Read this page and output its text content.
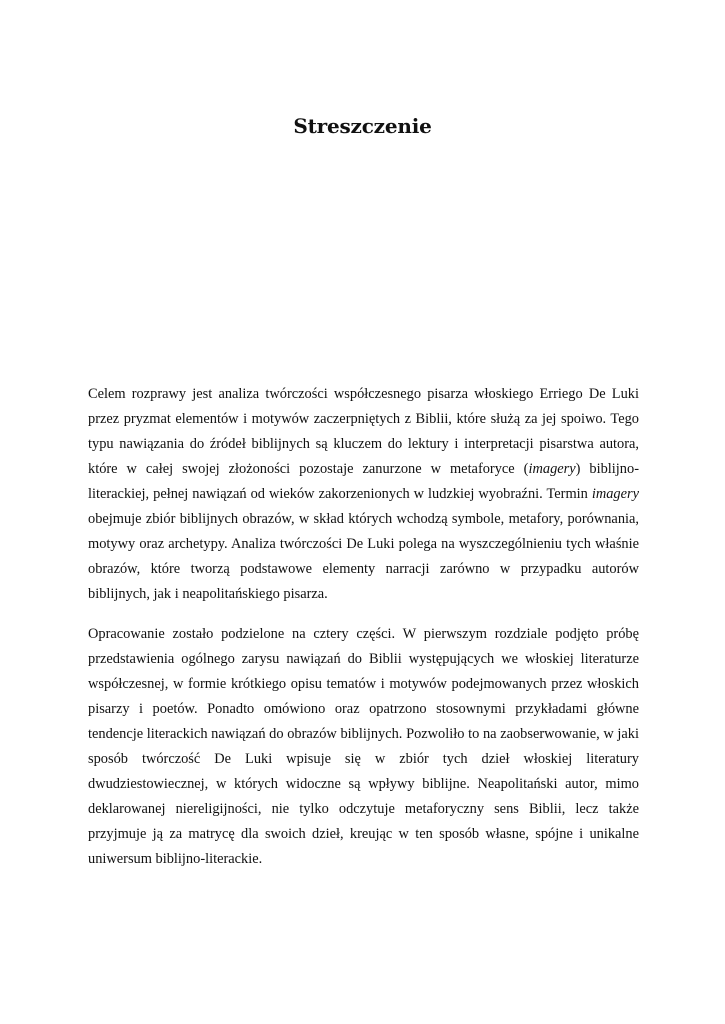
Streszczenie

Celem rozprawy jest analiza twórczości współczesnego pisarza włoskiego Erriego De Luki przez pryzmat elementów i motywów zaczerpniętych z Biblii, które służą za jej spoiwo. Tego typu nawiązania do źródeł biblijnych są kluczem do lektury i interpretacji pisarstwa autora, które w całej swojej złożoności pozostaje zanurzone w metaforyce (imagery) biblijno-literackiej, pełnej nawiązań od wieków zakorzenionych w ludzkiej wyobraźni. Termin imagery obejmuje zbiór biblijnych obrazów, w skład których wchodzą symbole, metafory, porównania, motywy oraz archetypy. Analiza twórczości De Luki polega na wyszczególnieniu tych właśnie obrazów, które tworzą podstawowe elementy narracji zarówno w przypadku autorów biblijnych, jak i neapolitańskiego pisarza.

Opracowanie zostało podzielone na cztery części. W pierwszym rozdziale podjęto próbę przedstawienia ogólnego zarysu nawiązań do Biblii występujących we włoskiej literaturze współczesnej, w formie krótkiego opisu tematów i motywów podejmowanych przez włoskich pisarzy i poetów. Ponadto omówiono oraz opatrzono stosownymi przykładami główne tendencje literackich nawiązań do obrazów biblijnych. Pozwoliło to na zaobserwowanie, w jaki sposób twórczość De Luki wpisuje się w zbiór tych dzieł włoskiej literatury dwudziestowiecznej, w których widoczne są wpływy biblijne. Neapolitański autor, mimo deklarowanej niereligijności, nie tylko odczytuje metaforyczny sens Biblii, lecz także przyjmuje ją za matrycę dla swoich dzieł, kreując w ten sposób własne, spójne i unikalne uniwersum biblijno-literackie.
